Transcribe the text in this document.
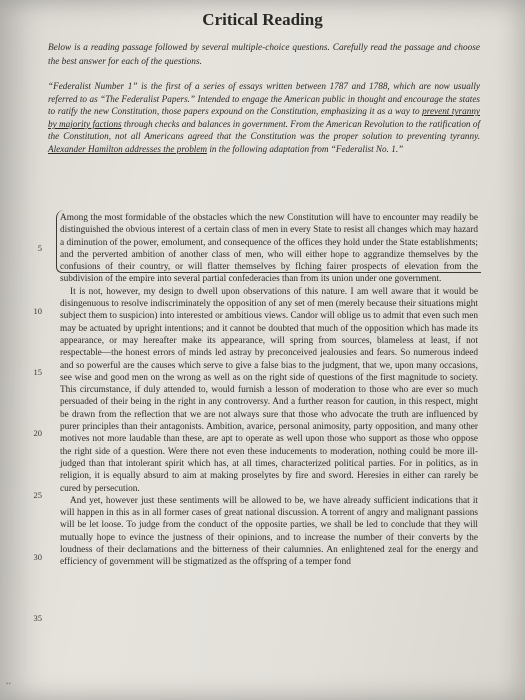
Critical Reading
Below is a reading passage followed by several multiple-choice questions. Carefully read the passage and choose the best answer for each of the questions.
“Federalist Number 1” is the first of a series of essays written between 1787 and 1788, which are now usually referred to as “The Federalist Papers.” Intended to engage the American public in thought and encourage the states to ratify the new Constitution, those papers expound on the Constitution, emphasizing it as a way to prevent tyranny by majority factions through checks and balances in government. From the American Revolution to the ratification of the Constitution, not all Americans agreed that the Constitution was the proper solution to preventing tyranny. Alexander Hamilton addresses the problem in the following adaptation from “Federalist No. 1.”

Among the most formidable of the obstacles which the new Constitution will have to encounter may readily be distinguished the obvious interest of a certain class of men in every State to resist all changes which may hazard a diminution of the power, emolument, and consequence of the offices they hold under the State establishments; and the perverted ambition of another class of men, who will either hope to aggrandize themselves by the confusions of their country, or will flatter themselves by flching fairer prospects of elevation from the subdivision of the empire into several partial confederacies than from its union under one government.

It is not, however, my design to dwell upon observations of this nature. I am well aware that it would be disingenuous to resolve indiscriminately the opposition of any set of men (merely because their situations might subject them to suspicion) into interested or ambitious views. Candor will oblige us to admit that even such men may be actuated by upright intentions; and it cannot be doubted that much of the opposition which has made its appearance, or may hereafter make its appearance, will spring from sources, blameless at least, if not respectable—the honest errors of minds led astray by preconceived jealousies and fears. So numerous indeed and so powerful are the causes which serve to give a false bias to the judgment, that we, upon many occasions, see wise and good men on the wrong as well as on the right side of questions of the first magnitude to society. This circumstance, if duly attended to, would furnish a lesson of moderation to those who are ever so much persuaded of their being in the right in any controversy. And a further reason for caution, in this respect, might be drawn from the reflection that we are not always sure that those who advocate the truth are influenced by purer principles than their antagonists. Ambition, avarice, personal animosity, party opposition, and many other motives not more laudable than these, are apt to operate as well upon those who support as those who oppose the right side of a question. Were there not even these inducements to moderation, nothing could be more ill-judged than that intolerant spirit which has, at all times, characterized political parties. For in politics, as in religion, it is equally absurd to aim at making proselytes by fire and sword. Heresies in either can rarely be cured by persecution.

And yet, however just these sentiments will be allowed to be, we have already sufficient indications that it will happen in this as in all former cases of great national discussion. A torrent of angry and malignant passions will be let loose. To judge from the conduct of the opposite parties, we shall be led to conclude that they will mutually hope to evince the justness of their opinions, and to increase the number of their converts by the loudness of their declamations and the bitterness of their calumnies. An enlightened zeal for the energy and efficiency of government will be stigmatized as the offspring of a temper fond

5
10
15
20
25
30
35
••
